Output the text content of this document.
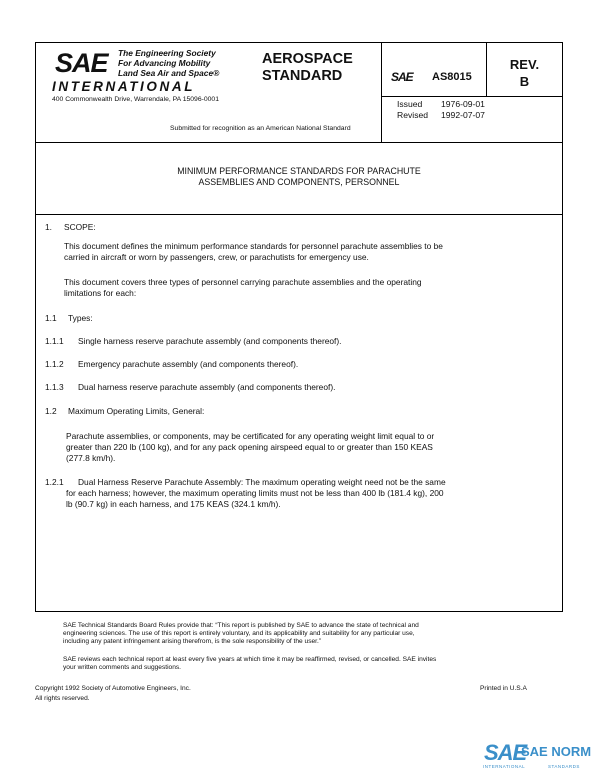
SAE The Engineering Society
For Advancing Mobility
Land Sea Air and Space®
INTERNATIONAL
400 Commonwealth Drive, Warrendale, PA 15096-0001
AEROSPACE
STANDARD	SAE AS8015
REV.
B
Issued 1976-09-01
Revised 1992-07-07
Submitted for recognition as an American National Standard
MINIMUM PERFORMANCE STANDARDS FOR PARACHUTE
ASSEMBLIES AND COMPONENTS, PERSONNEL
1. SCOPE:
This document defines the minimum performance standards for personnel parachute assemblies to be
carried in aircraft or worn by passengers, crew, or parachutists for emergency use.
This document covers three types of personnel carrying parachute assemblies and the operating
limitations for each:
1.1 Types:
1.1.1 Single harness reserve parachute assembly (and components thereof).
1.1.2 Emergency parachute assembly (and components thereof).
1.1.3 Dual harness reserve parachute assembly (and components thereof).
1.2 Maximum Operating Limits, General:
Parachute assemblies, or components, may be certificated for any operating weight limit equal to or
greater than 220 lb (100 kg), and for any pack opening airspeed equal to or greater than 150 KEAS
(277.8 km/h).
1.2.1 Dual Harness Reserve Parachute Assembly: The maximum operating weight need not be the same
for each harness; however, the maximum operating limits must not be less than 400 lb (181.4 kg), 200
lb (90.7 kg) in each harness, and 175 KEAS (324.1 km/h).
SAE Technical Standards Board Rules provide that: “This report is published by SAE to advance the state of technical and
engineering sciences. The use of this report is entirely voluntary, and its applicability and suitability for any particular use,
including any patent infringement arising therefrom, is the sole responsibility of the user.”
SAE reviews each technical report at least every five years at which time it may be reaffirmed, revised, or cancelled. SAE invites
your written comments and suggestions.
Copyright 1992 Society of Automotive Engineers, Inc.
All rights reserved.
Printed in U.S.A
SAE
SAE NORM
INTERNATIONAL	STANDARDS
